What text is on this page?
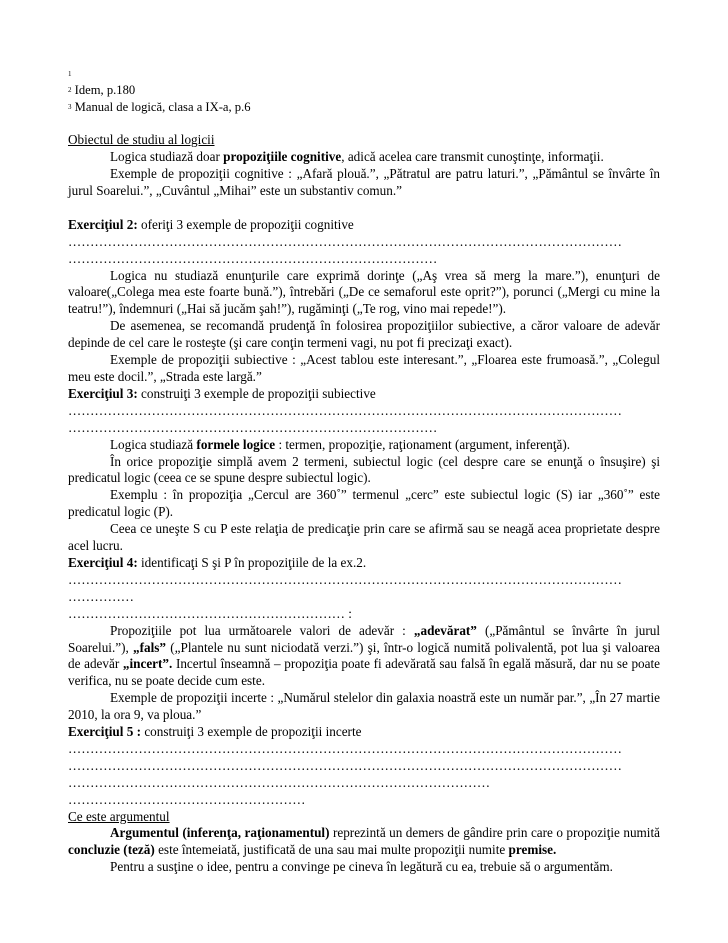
$^1$
$^2$ Idem, p.180
$^3$ Manual de logică, clasa a IX-a, p.6
Obiectul de studiu al logicii

Logica studiază doar propoziţiile cognitive, adică acelea care transmit cunoştinţe, informaţii.

Exemple de propoziţii cognitive : „Afară plouă.”, „Pătratul are patru laturi.”, „Pământul se învârte în jurul Soarelui.”, „Cuvântul „Mihai” este un substantiv comun.”

Exerciţiul 2: oferiţi 3 exemple de propoziţii cognitive
………………………………………………………………………………………………………………
…………………………………………………………………………

Logica nu studiază enunţurile care exprimă dorinţe („Aş vrea să merg la mare.”), enunţuri de valoare(„Colega mea este foarte bună.”), întrebări („De ce semaforul este oprit?”), porunci („Mergi cu mine la teatru!”), îndemnuri („Hai să jucăm şah!”), rugăminţi („Te rog, vino mai repede!”).

De asemenea, se recomandă prudenţă în folosirea propoziţiilor subiective, a căror valoare de adevăr depinde de cel care le rosteşte (şi care conţin termeni vagi, nu pot fi precizaţi exact).

Exemple de propoziţii subiective : „Acest tablou este interesant.”, „Floarea este frumoasă.”, „Colegul meu este docil.”, „Strada este largă.”

Exerciţiul 3: construiţi 3 exemple de propoziţii subiective
………………………………………………………………………………………………………………
…………………………………………………………………………

Logica studiază formele logice : termen, propoziţie, raţionament (argument, inferenţă).

În orice propoziţie simplă avem 2 termeni, subiectul logic (cel despre care se enunţă o însuşire) şi predicatul logic (ceea ce se spune despre subiectul logic).

Exemplu : în propoziţia „Cercul are 360˚” termenul „cerc” este subiectul logic (S) iar „360˚” este predicatul logic (P).

Ceea ce uneşte S cu P este relaţia de predicaţie prin care se afirmă sau se neagă acea proprietate despre acel lucru.

Exerciţiul 4: identificaţi S şi P în propoziţiile de la ex.2.
………………………………………………………………………………………………………………
……………
……………………………………………………… :

Propoziţiile pot lua următoarele valori de adevăr : „adevărat” („Pământul se învârte în jurul Soarelui.”), „fals” („Plantele nu sunt niciodată verzi.”) şi, într-o logică numită polivalentă, pot lua şi valoarea de adevăr „incert”. Incertul înseamnă – propoziţia poate fi adevărată sau falsă în egală măsură, dar nu se poate verifica, nu se poate decide cum este.

Exemple de propoziţii incerte : „Numărul stelelor din galaxia noastră este un număr par.”, „În 27 martie 2010, la ora 9, va ploua.”

Exerciţiul 5 : construiţi 3 exemple de propoziţii incerte
………………………………………………………………………………………………………………
………………………………………………………………………………………………………………
……………………………………………………………………………………
………………………………………………
Ce este argumentul

Argumentul (inferenţa, raţionamentul) reprezintă un demers de gândire prin care o propoziţie numită concluzie (teză) este întemeiată, justificată de una sau mai multe propoziţii numite premise.

Pentru a susţine o idee, pentru a convinge pe cineva în legătură cu ea, trebuie să o argumentăm.
